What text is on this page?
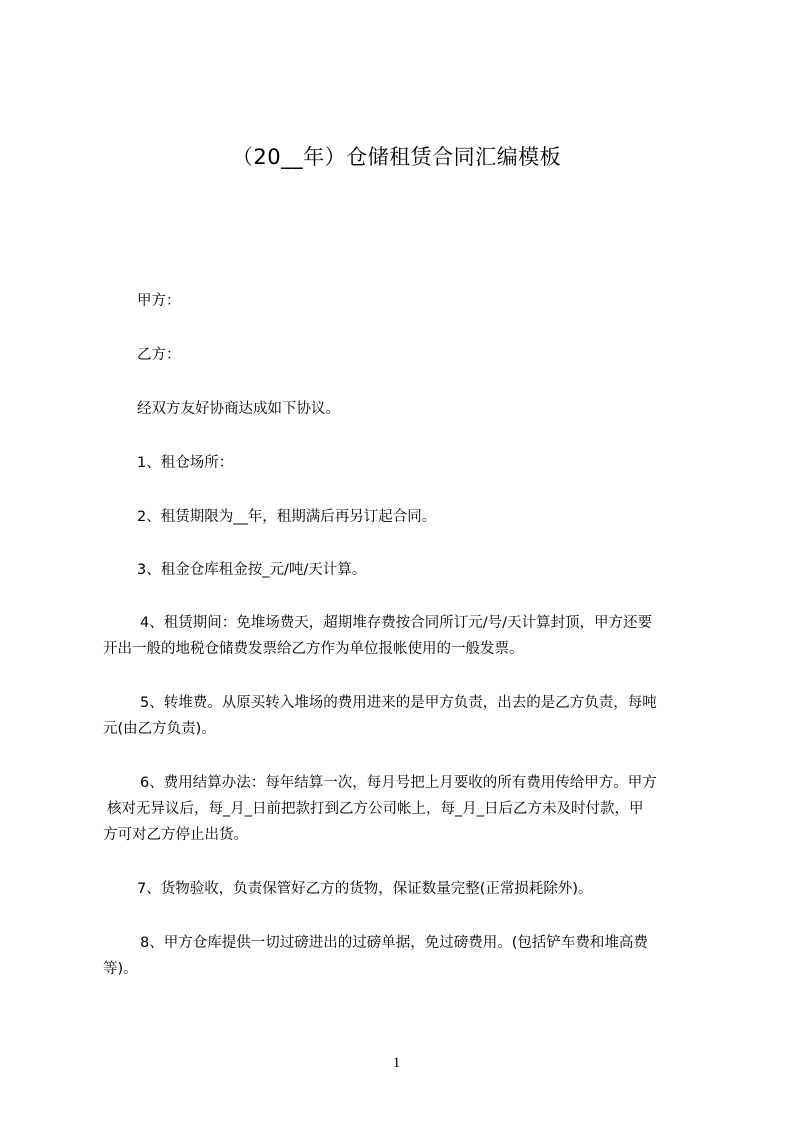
（20__年）仓储租赁合同汇编模板
甲方：
乙方：
经双方友好协商达成如下协议。
1、租仓场所：
2、租赁期限为__年，租期满后再另订起合同。
3、租金仓库租金按_元/吨/天计算。
4、租赁期间：免堆场费天，超期堆存费按合同所订元/号/天计算封顶，甲方还要
开出一般的地税仓储费发票给乙方作为单位报帐使用的一般发票。
5、转堆费。从原买转入堆场的费用进来的是甲方负责，出去的是乙方负责，每吨
元(由乙方负责)。
6、费用结算办法：每年结算一次，每月号把上月要收的所有费用传给甲方。甲方
核对无异议后，每_月_日前把款打到乙方公司帐上，每_月_日后乙方未及时付款，甲
方可对乙方停止出货。
7、货物验收，负责保管好乙方的货物，保证数量完整(正常损耗除外)。
8、甲方仓库提供一切过磅进出的过磅单据，免过磅费用。(包括铲车费和堆高费
等)。
1
